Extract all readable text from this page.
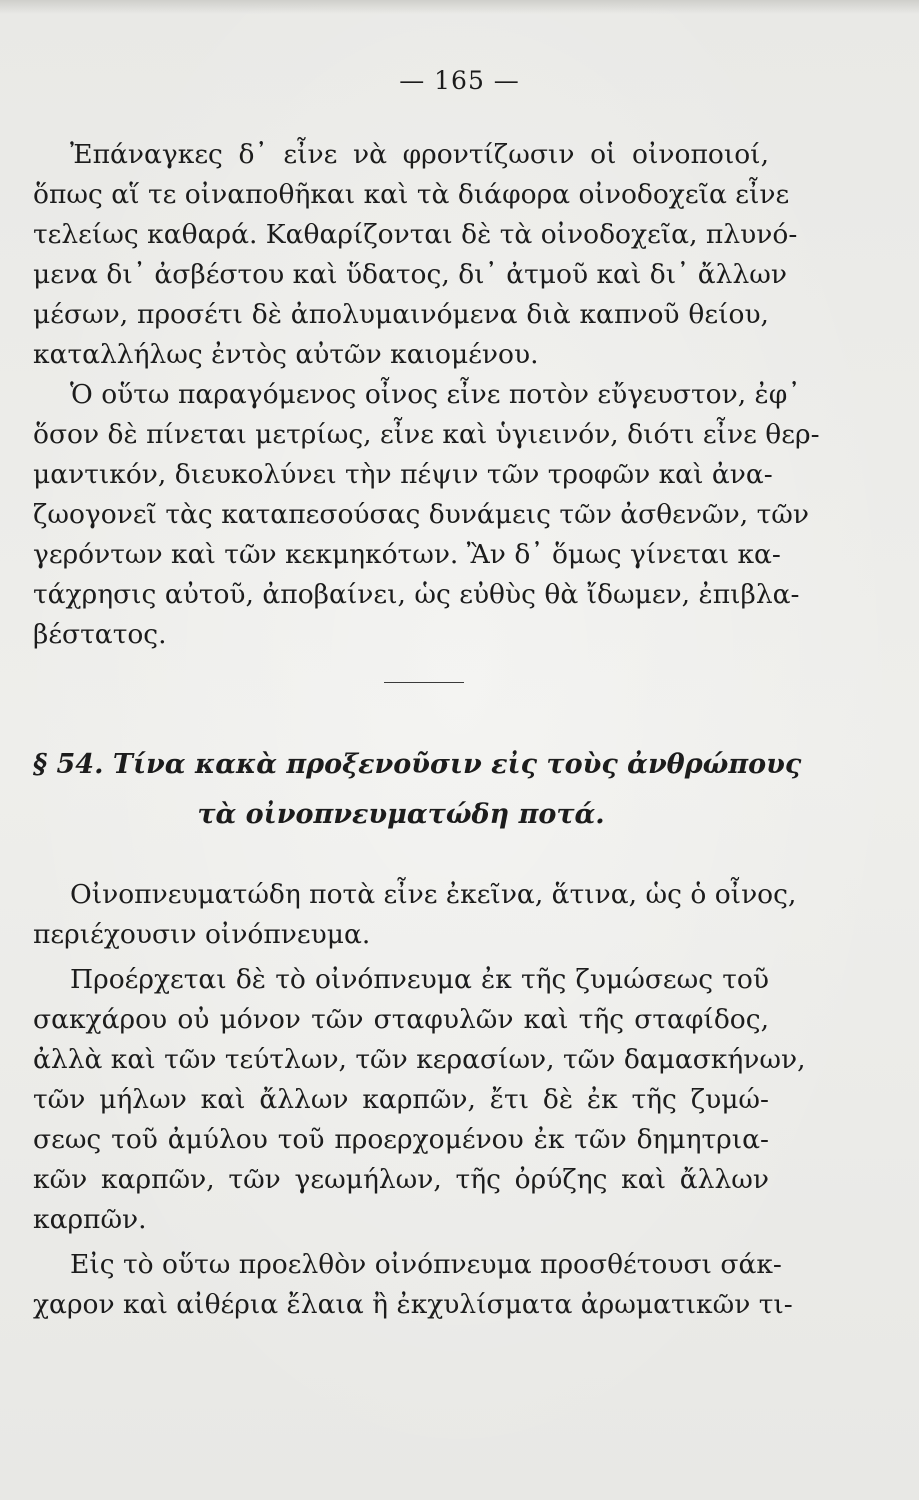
— 165 —
Ἐπάναγκες δ᾽ εἶνε νὰ φροντίζωσιν οἱ οἰνοποιοί,
ὅπως αἵ τε οἰναποθῆκαι καὶ τὰ διάφορα οἰνοδοχεῖα εἶνε
τελείως καθαρά. Καθαρίζονται δὲ τὰ οἰνοδοχεῖα, πλυνό-
μενα δι᾽ ἀσβέστου καὶ ὕδατος, δι᾽ ἀτμοῦ καὶ δι᾽ ἄλλων
μέσων, προσέτι δὲ ἀπολυμαινόμενα διὰ καπνοῦ θείου,
καταλλήλως ἐντὸς αὐτῶν καιομένου.
Ὁ οὕτω παραγόμενος οἶνος εἶνε ποτὸν εὔγευστον, ἐφ᾽
ὅσον δὲ πίνεται μετρίως, εἶνε καὶ ὑγιεινόν, διότι εἶνε θερ-
μαντικόν, διευκολύνει τὴν πέψιν τῶν τροφῶν καὶ ἀνα-
ζωογονεῖ τὰς καταπεσούσας δυνάμεις τῶν ἀσθενῶν, τῶν
γερόντων καὶ τῶν κεκμηκότων. Ἂν δ᾽ ὅμως γίνεται κα-
τάχρησις αὐτοῦ, ἀποβαίνει, ὡς εὐθὺς θὰ ἴδωμεν, ἐπιβλα-
βέστατος.
§ 54. Τίνα κακὰ προξενοῦσιν εἰς τοὺς ἀνθρώπους
τὰ οἰνοπνευματώδη ποτά.
Οἰνοπνευματώδη ποτὰ εἶνε ἐκεῖνα, ἅτινα, ὡς ὁ οἶνος,
περιέχουσιν οἰνόπνευμα.
Προέρχεται δὲ τὸ οἰνόπνευμα ἐκ τῆς ζυμώσεως τοῦ
σακχάρου οὐ μόνον τῶν σταφυλῶν καὶ τῆς σταφίδος,
ἀλλὰ καὶ τῶν τεύτλων, τῶν κερασίων, τῶν δαμασκήνων,
τῶν μήλων καὶ ἄλλων καρπῶν, ἔτι δὲ ἐκ τῆς ζυμώ-
σεως τοῦ ἀμύλου τοῦ προερχομένου ἐκ τῶν δημητρια-
κῶν καρπῶν, τῶν γεωμήλων, τῆς ὀρύζης καὶ ἄλλων
καρπῶν.
Εἰς τὸ οὕτω προελθὸν οἰνόπνευμα προσθέτουσι σάκ-
χαρον καὶ αἰθέρια ἔλαια ἢ ἐκχυλίσματα ἀρωματικῶν τι-
